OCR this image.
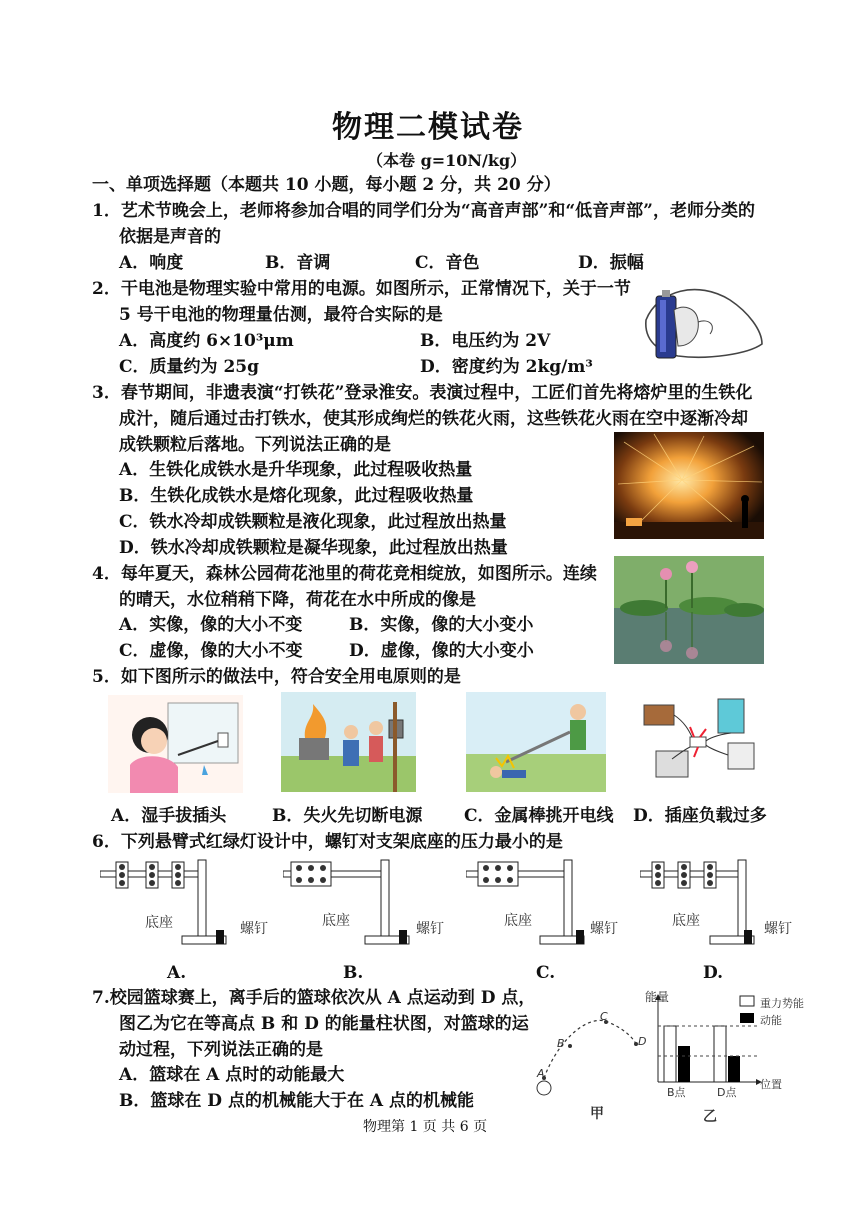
物理二模试卷
（本卷 g=10N/kg）
一、单项选择题（本题共 10 小题，每小题 2 分，共 20 分）
1．艺术节晚会上，老师将参加合唱的同学们分为“高音声部”和“低音声部”，老师分类的
依据是声音的
A．响度	B．音调	C．音色	D．振幅
2．干电池是物理实验中常用的电源。如图所示，正常情况下，关于一节
5 号干电池的物理量估测，最符合实际的是
A．高度约 6×10³μm	B．电压约为 2V
C．质量约为 25g	D．密度约为 2kg/m³
3．春节期间，非遗表演“打铁花”登录淮安。表演过程中，工匠们首先将熔炉里的生铁化
成汁，随后通过击打铁水，使其形成绚烂的铁花火雨，这些铁花火雨在空中逐渐冷却
成铁颗粒后落地。下列说法正确的是
A．生铁化成铁水是升华现象，此过程吸收热量
B．生铁化成铁水是熔化现象，此过程吸收热量
C．铁水冷却成铁颗粒是液化现象，此过程放出热量
D．铁水冷却成铁颗粒是凝华现象，此过程放出热量
4．每年夏天，森林公园荷花池里的荷花竞相绽放，如图所示。连续
的晴天，水位稍稍下降，荷花在水中所成的像是
A．实像，像的大小不变	B．实像，像的大小变小
C．虚像，像的大小不变	D．虚像，像的大小变小
5．如下图所示的做法中，符合安全用电原则的是
A．湿手拔插头	B．失火先切断电源 C．金属棒挑开电线 D．插座负载过多
6．下列悬臂式红绿灯设计中，螺钉对支架底座的压力最小的是
底座	螺钉
A.
底座	螺钉
B.
底座	螺钉
C.
底座	螺钉
D.
7.校园篮球赛上，离手后的篮球依次从 A 点运动到 D 点，
图乙为它在等高点 B 和 D 的能量柱状图，对篮球的运
动过程，下列说法正确的是
A．篮球在 A 点时的动能最大
B．篮球在 D 点的机械能大于在 A 点的机械能
A
B
C
D
甲
能量	重力势能
动能
B点	D点
位置
乙
物理第 1 页 共 6 页
